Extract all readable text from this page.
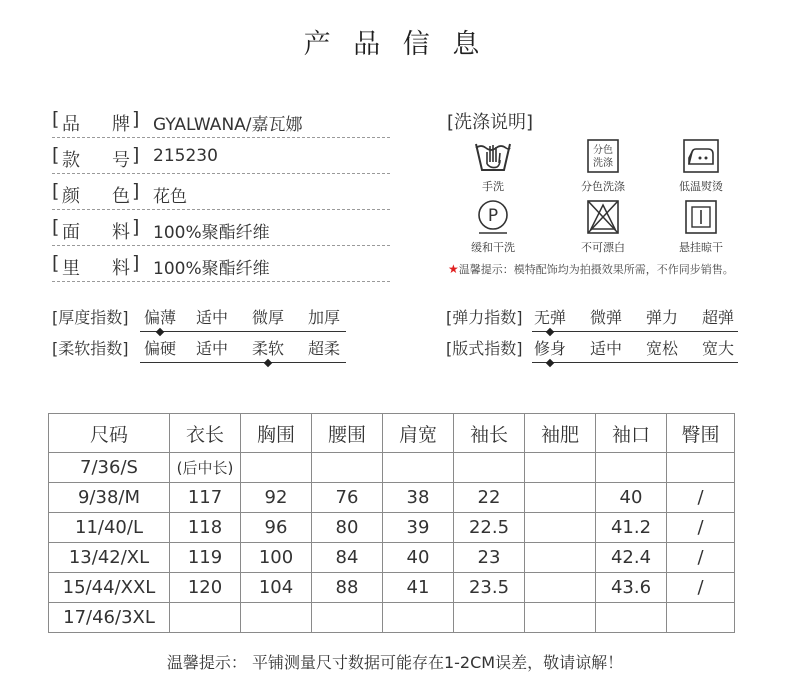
产 品 信 息
[ 品 牌 ] GYALWANA/嘉瓦娜
[ 款 号 ] 215230
[ 颜 色 ] 花色
[ 面 料 ] 100%聚酯纤维
[ 里 料 ] 100%聚酯纤维
[洗涤说明]
手洗
分色
洗涤
分色洗涤	低温熨烫
P
缓和干洗	不可漂白	悬挂晾干
★温馨提示：模特配饰均为拍摄效果所需，不作同步销售。
[厚度指数] 偏薄 适中 微厚 加厚
[柔软指数] 偏硬 适中 柔软 超柔
[弹力指数] 无弹 微弹 弹力 超弹
[版式指数] 修身 适中 宽松 宽大
尺码	衣长	胸围	腰围	肩宽	袖长	袖肥	袖口	臀围
7/36/S	(后中长)							
9/38/M	117	92	76	38	22		40	/
11/40/L	118	96	80	39	22.5		41.2	/
13/42/XL	119	100	84	40	23		42.4	/
15/44/XXL	120	104	88	41	23.5		43.6	/
17/46/3XL								
温馨提示： 平铺测量尺寸数据可能存在1-2CM误差，敬请谅解！
